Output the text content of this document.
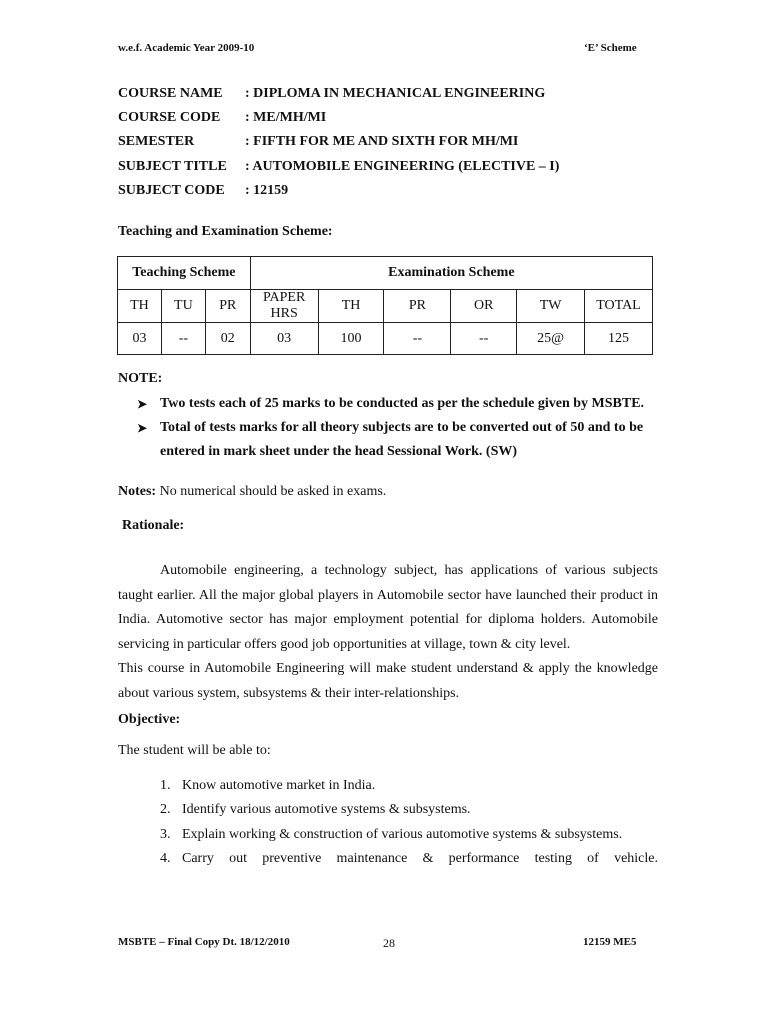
w.e.f. Academic Year 2009-10	‘E’ Scheme
COURSE NAME : DIPLOMA IN MECHANICAL ENGINEERING
COURSE CODE : ME/MH/MI
SEMESTER	: FIFTH FOR ME AND SIXTH FOR MH/MI
SUBJECT TITLE : AUTOMOBILE ENGINEERING (ELECTIVE – I)
SUBJECT CODE : 12159
Teaching and Examination Scheme:
Teaching Scheme			Examination Scheme					
TH	TU	PR	PAPER HRS	TH	PR	OR	TW	TOTAL
03	--	02	03	100	--	--	25@	125
NOTE:
➤ Two tests each of 25 marks to be conducted as per the schedule given by MSBTE.
➤ Total of tests marks for all theory subjects are to be converted out of 50 and to be
entered in mark sheet under the head Sessional Work. (SW)
Notes: No numerical should be asked in exams.
Rationale:

Automobile engineering, a technology subject, has applications of various subjects taught earlier. All the major global players in Automobile sector have launched their product in India. Automotive sector has major employment potential for diploma holders. Automobile servicing in particular offers good job opportunities at village, town & city level.

This course in Automobile Engineering will make student understand & apply the knowledge about various system, subsystems & their inter-relationships.

Objective:
The student will be able to:
1. Know automotive market in India.
2. Identify various automotive systems & subsystems.
3. Explain working & construction of various automotive systems & subsystems.
4. Carry out preventive maintenance & performance testing of vehicle.
MSBTE – Final Copy Dt. 18/12/2010	28	12159 ME5
